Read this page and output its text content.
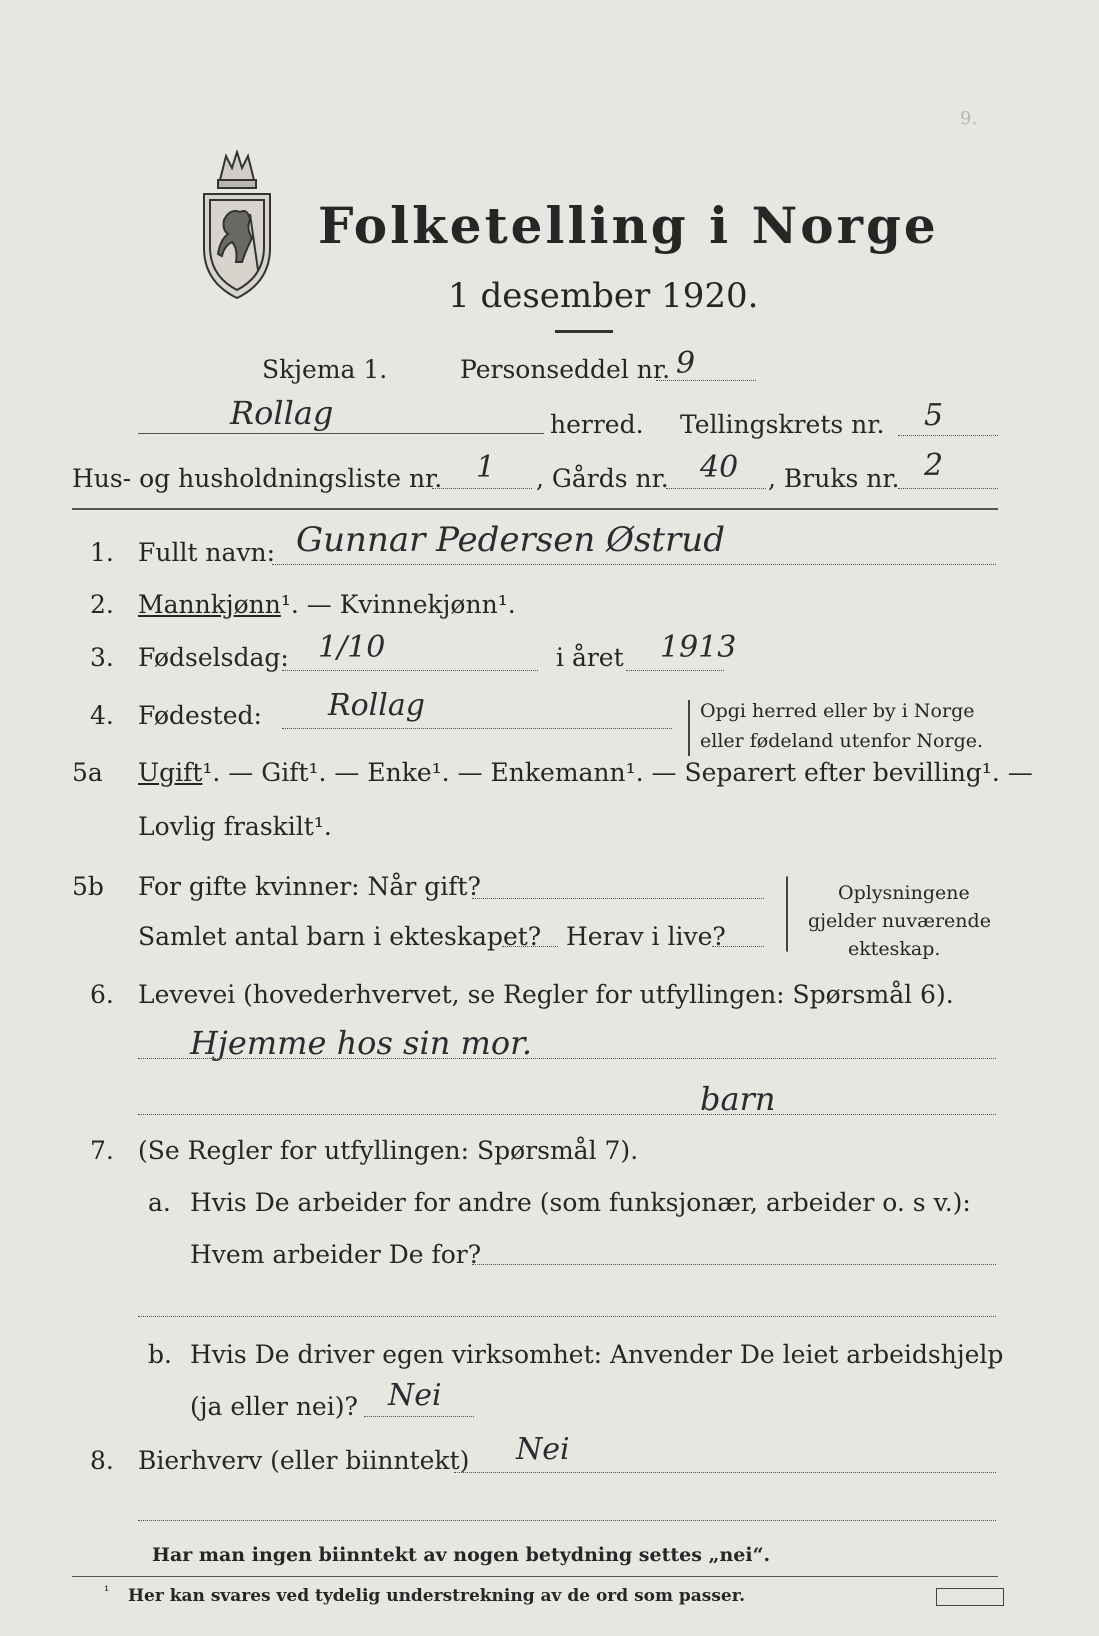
9.
Folketelling i Norge
1 desember 1920.
Skjema 1.	Personseddel nr. 9
Rollag	herred. Tellingskrets nr. 5
Hus- og husholdningsliste nr. 1 , Gårds nr. 40 , Bruks nr. 2
1. Fullt navn: Gunnar Pedersen Østrud
2. Mannkjønn¹. — Kvinnekjønn¹.
3. Fødselsdag: 1/10	i året 1913
4. Fødested: Rollag	Opgi herred eller by i Norge
eller fødeland utenfor Norge.
5a Ugift¹. — Gift¹. — Enke¹. — Enkemann¹. — Separert efter bevilling¹. —
Lovlig fraskilt¹.
5b For gifte kvinner: Når gift?
Samlet antal barn i ekteskapet? Herav i live?
Oplysningene
gjelder nuværende
ekteskap.
6. Levevei (hovederhvervet, se Regler for utfyllingen: Spørsmål 6).
Hjemme hos sin mor.
barn
7. (Se Regler for utfyllingen: Spørsmål 7).
a. Hvis De arbeider for andre (som funksjonær, arbeider o. s v.):
Hvem arbeider De for?
b. Hvis De driver egen virksomhet: Anvender De leiet arbeidshjelp
(ja eller nei)? Nei
8. Bierhverv (eller biinntekt) Nei
Har man ingen biinntekt av nogen betydning settes „nei“.
¹ Her kan svares ved tydelig understrekning av de ord som passer.
